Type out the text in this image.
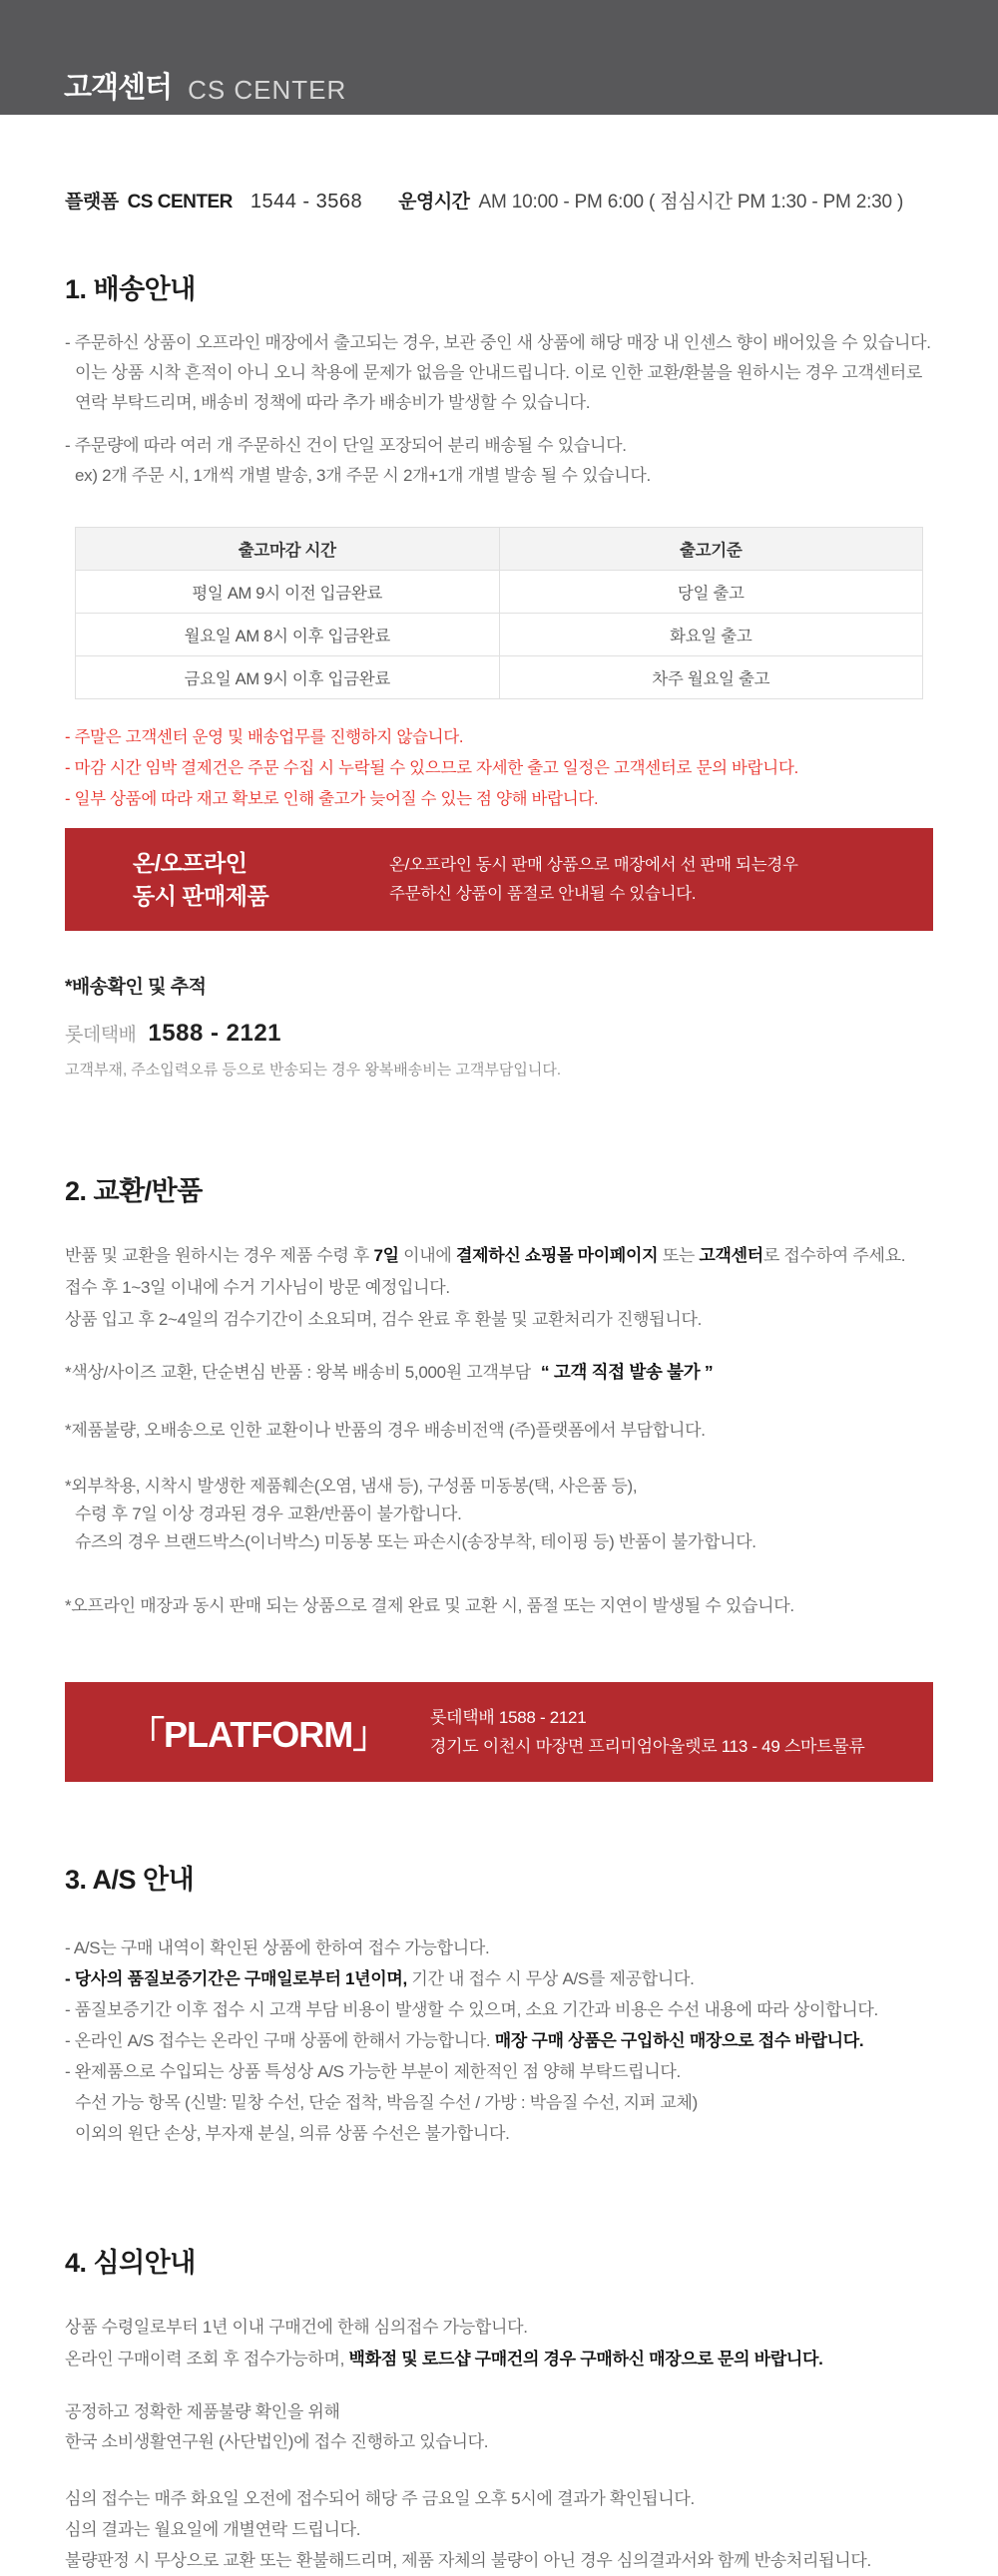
고객센터 CS CENTER
플랫폼 CS CENTER 1544 - 3568 운영시간 AM 10:00 - PM 6:00 ( 점심시간 PM 1:30 - PM 2:30 )
1. 배송안내

- 주문하신 상품이 오프라인 매장에서 출고되는 경우, 보관 중인 새 상품에 해당 매장 내 인센스 향이 배어있을 수 있습니다.

이는 상품 시착 흔적이 아니 오니 착용에 문제가 없음을 안내드립니다. 이로 인한 교환/환불을 원하시는 경우 고객센터로

연락 부탁드리며, 배송비 정책에 따라 추가 배송비가 발생할 수 있습니다.

- 주문량에 따라 여러 개 주문하신 건이 단일 포장되어 분리 배송될 수 있습니다.

ex) 2개 주문 시, 1개씩 개별 발송, 3개 주문 시 2개+1개 개별 발송 될 수 있습니다.

출고마감 시간	출고기준
평일 AM 9시 이전 입금완료	당일 출고
월요일 AM 8시 이후 입금완료	화요일 출고
금요일 AM 9시 이후 입금완료	차주 월요일 출고

- 주말은 고객센터 운영 및 배송업무를 진행하지 않습니다.

- 마감 시간 임박 결제건은 주문 수집 시 누락될 수 있으므로 자세한 출고 일정은 고객센터로 문의 바랍니다.

- 일부 상품에 따라 재고 확보로 인해 출고가 늦어질 수 있는 점 양해 바랍니다.

온/오프라인
동시 판매제품
온/오프라인 동시 판매 상품으로 매장에서 선 판매 되는경우
주문하신 상품이 품절로 안내될 수 있습니다.
*배송확인 및 추적
롯데택배 1588 - 2121
고객부재, 주소입력오류 등으로 반송되는 경우 왕복배송비는 고객부담입니다.
2. 교환/반품

반품 및 교환을 원하시는 경우 제품 수령 후 7일 이내에 결제하신 쇼핑몰 마이페이지 또는 고객센터로 접수하여 주세요.

접수 후 1~3일 이내에 수거 기사님이 방문 예정입니다.

상품 입고 후 2~4일의 검수기간이 소요되며, 검수 완료 후 환불 및 교환처리가 진행됩니다.

*색상/사이즈 교환, 단순변심 반품 : 왕복 배송비 5,000원 고객부담 “ 고객 직접 발송 불가 ”

*제품불량, 오배송으로 인한 교환이나 반품의 경우 배송비전액 (주)플랫폼에서 부담합니다.

*외부착용, 시착시 발생한 제품훼손(오염, 냄새 등), 구성품 미동봉(택, 사은품 등),

수령 후 7일 이상 경과된 경우 교환/반품이 불가합니다.

슈즈의 경우 브랜드박스(이너박스) 미동봉 또는 파손시(송장부착, 테이핑 등) 반품이 불가합니다.

*오프라인 매장과 동시 판매 되는 상품으로 결제 완료 및 교환 시, 품절 또는 지연이 발생될 수 있습니다.

「PLATFORM」	롯데택배 1588 - 2121
경기도 이천시 마장면 프리미엄아울렛로 113 - 49 스마트물류
3. A/S 안내

- A/S는 구매 내역이 확인된 상품에 한하여 접수 가능합니다.

- 당사의 품질보증기간은 구매일로부터 1년이며, 기간 내 접수 시 무상 A/S를 제공합니다.

- 품질보증기간 이후 접수 시 고객 부담 비용이 발생할 수 있으며, 소요 기간과 비용은 수선 내용에 따라 상이합니다.

- 온라인 A/S 접수는 온라인 구매 상품에 한해서 가능합니다. 매장 구매 상품은 구입하신 매장으로 접수 바랍니다.

- 완제품으로 수입되는 상품 특성상 A/S 가능한 부분이 제한적인 점 양해 부탁드립니다.

수선 가능 항목 (신발: 밑창 수선, 단순 접착, 박음질 수선 / 가방 : 박음질 수선, 지퍼 교체)

이외의 원단 손상, 부자재 분실, 의류 상품 수선은 불가합니다.

4. 심의안내

상품 수령일로부터 1년 이내 구매건에 한해 심의접수 가능합니다.

온라인 구매이력 조회 후 접수가능하며, 백화점 및 로드샵 구매건의 경우 구매하신 매장으로 문의 바랍니다.

공정하고 정확한 제품불량 확인을 위해

한국 소비생활연구원 (사단법인)에 접수 진행하고 있습니다.

심의 접수는 매주 화요일 오전에 접수되어 해당 주 금요일 오후 5시에 결과가 확인됩니다.

심의 결과는 월요일에 개별연락 드립니다.

불량판정 시 무상으로 교환 또는 환불해드리며, 제품 자체의 불량이 아닌 경우 심의결과서와 함께 반송처리됩니다.
